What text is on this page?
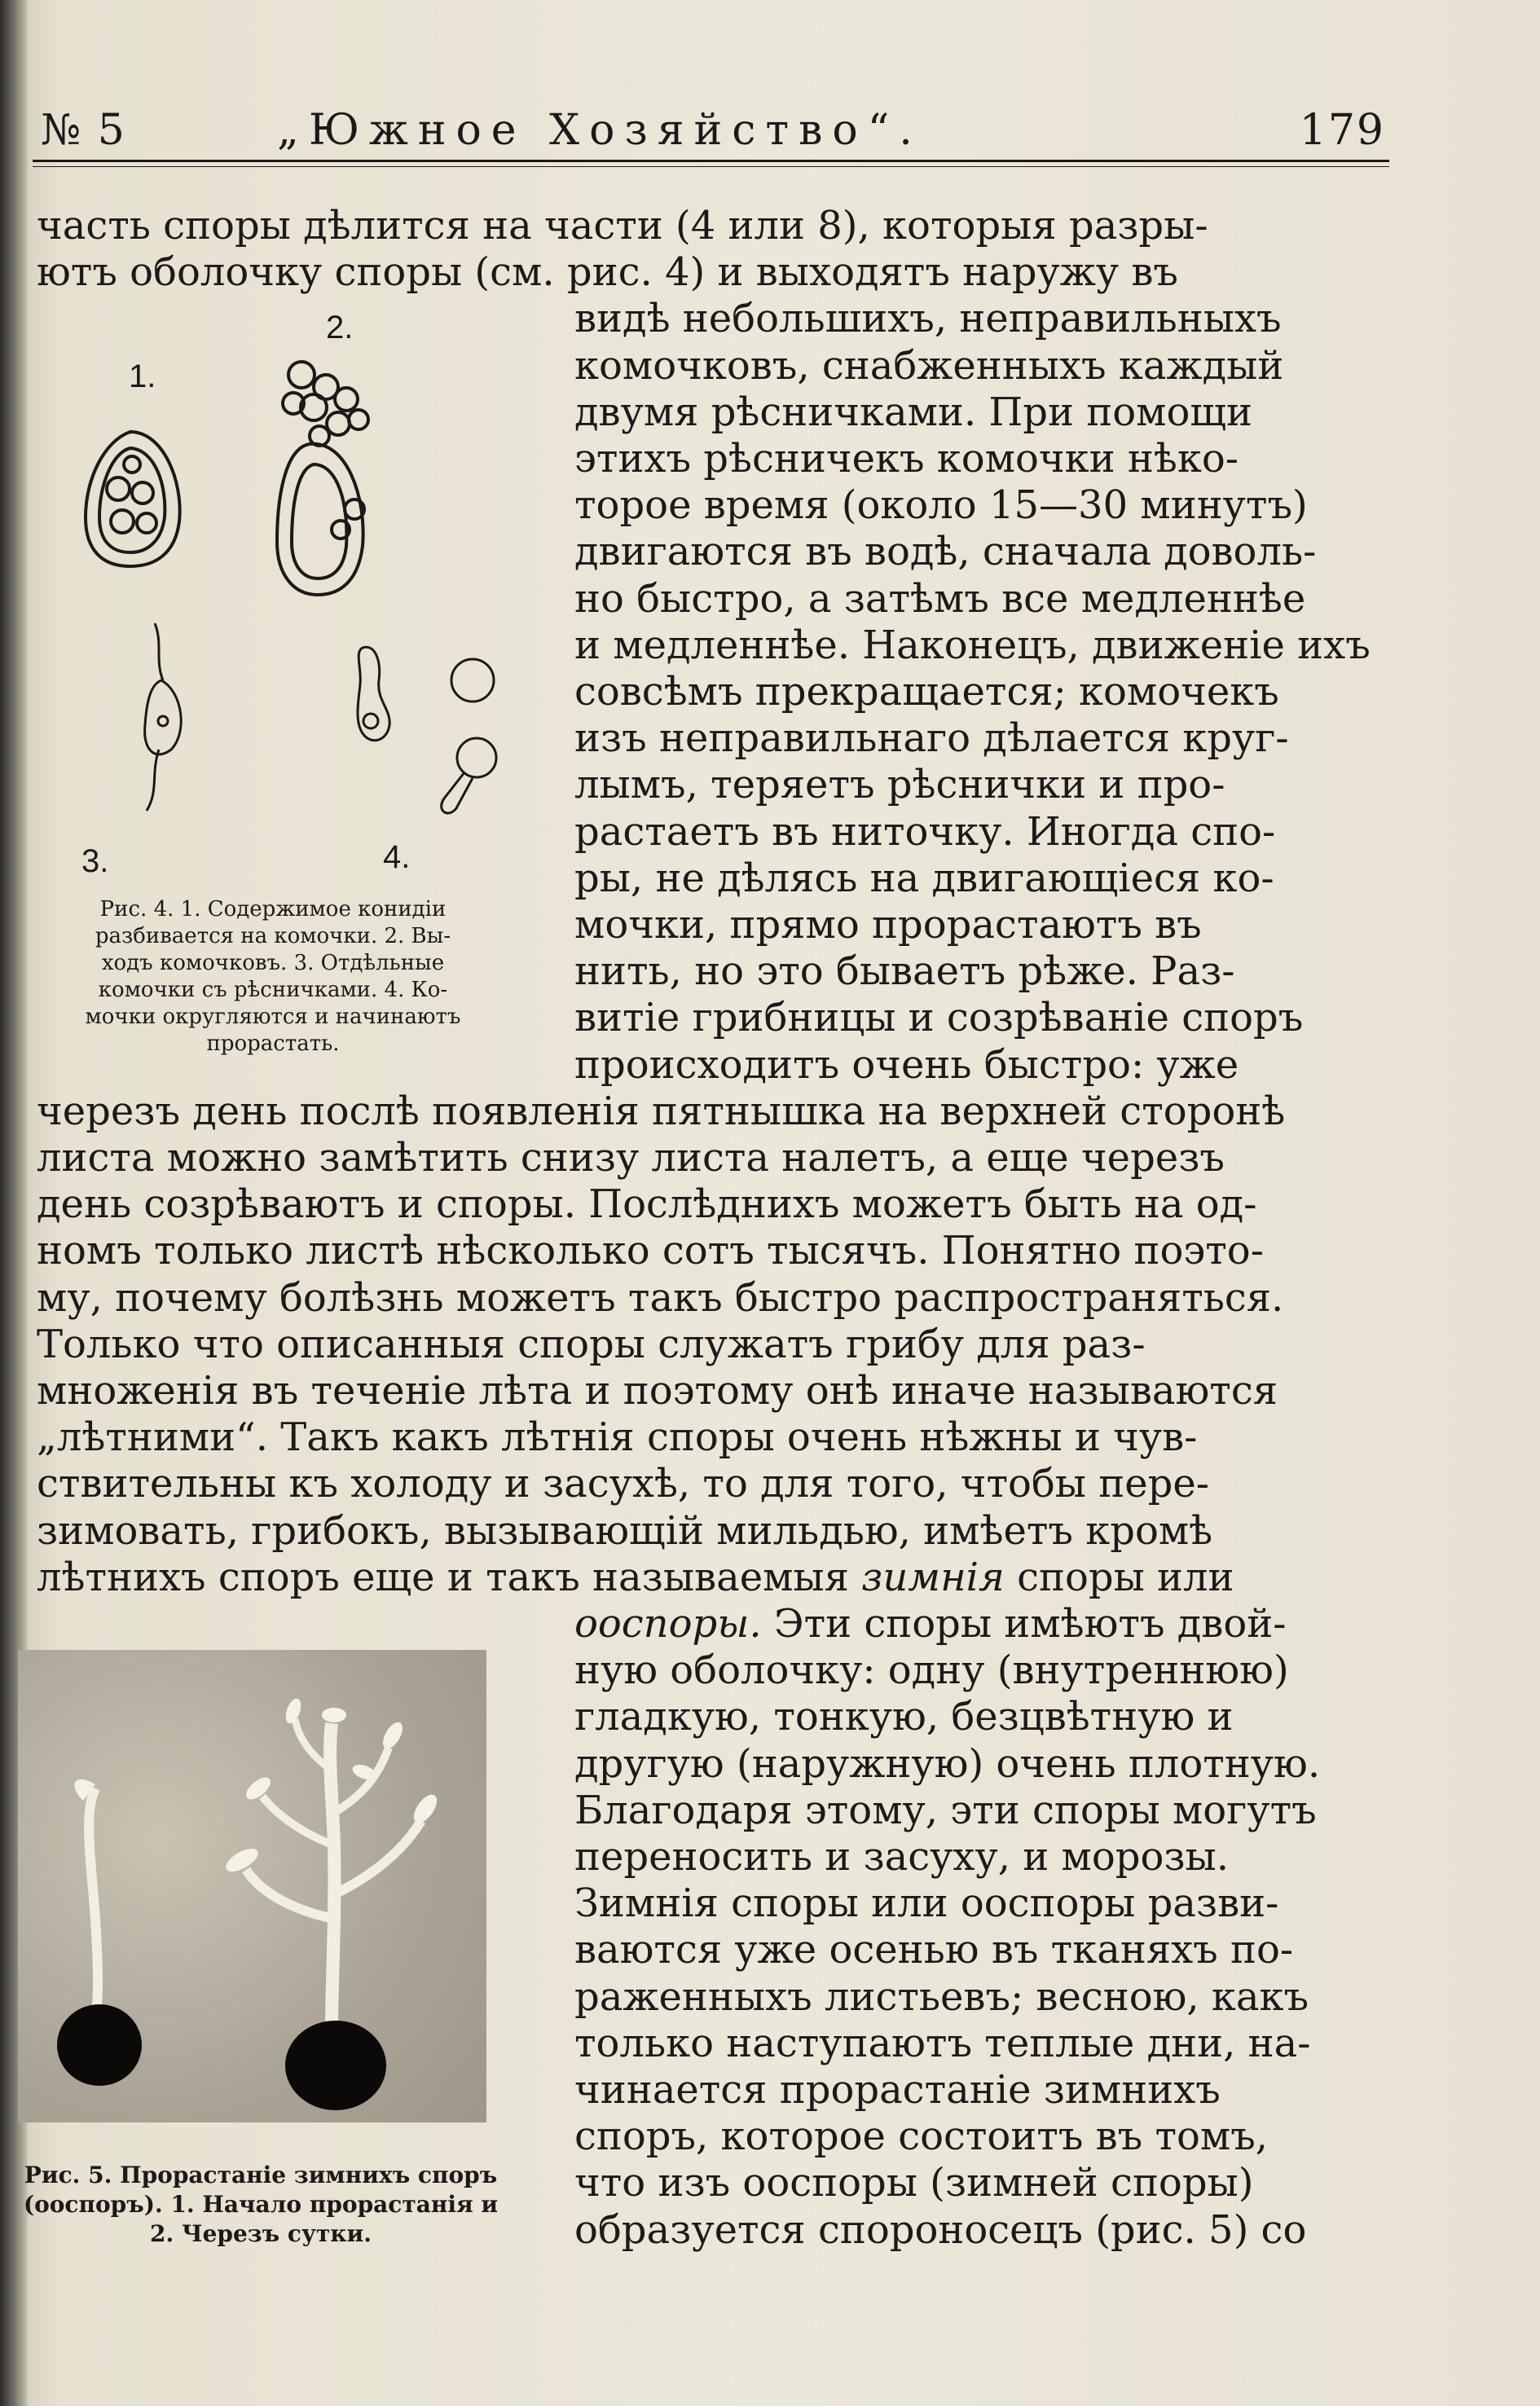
№ 5	„Южное Хозяйство“.	179
часть споры дѣлится на части (4 или 8), которыя разры-
ютъ оболочку споры (см. рис. 4) и выходятъ наружу въ
видѣ небольшихъ, неправильныхъ
комочковъ, снабженныхъ каждый
двумя рѣсничками. При помощи
этихъ рѣсничекъ комочки нѣко-
торое время (около 15—30 минутъ)
двигаются въ водѣ, сначала доволь-
но быстро, а затѣмъ все медленнѣе
и медленнѣе. Наконецъ, движеніе ихъ
совсѣмъ прекращается; комочекъ
изъ неправильнаго дѣлается круг-
лымъ, теряетъ рѣснички и про-
растаетъ въ ниточку. Иногда спо-
ры, не дѣлясь на двигающіеся ко-
мочки, прямо прорастаютъ въ
нить, но это бываетъ рѣже. Раз-
витіе грибницы и созрѣваніе споръ
происходитъ очень быстро: уже
черезъ день послѣ появленія пятнышка на верхней сторонѣ
листа можно замѣтить снизу листа налетъ, а еще черезъ
день созрѣваютъ и споры. Послѣднихъ можетъ быть на од-
номъ только листѣ нѣсколько сотъ тысячъ. Понятно поэто-
му, почему болѣзнь можетъ такъ быстро распространяться.
Только что описанныя споры служатъ грибу для раз-
множенія въ теченіе лѣта и поэтому онѣ иначе называются
„лѣтними“. Такъ какъ лѣтнія споры очень нѣжны и чув-
ствительны къ холоду и засухѣ, то для того, чтобы пере-
зимовать, грибокъ, вызывающій мильдью, имѣетъ кромѣ
лѣтнихъ споръ еще и такъ называемыя зимнія споры или
ооспоры. Эти споры имѣютъ двой-
ную оболочку: одну (внутреннюю)
гладкую, тонкую, безцвѣтную и
другую (наружную) очень плотную.
Благодаря этому, эти споры могутъ
переносить и засуху, и морозы.
Зимнія споры или ооспоры разви-
ваются уже осенью въ тканяхъ по-
раженныхъ листьевъ; весною, какъ
только наступаютъ теплые дни, на-
чинается прорастаніе зимнихъ
споръ, которое состоитъ въ томъ,
что изъ ооспоры (зимней споры)
образуется спороносецъ (рис. 5) со
1.
2.
3.	4.
Рис. 4. 1. Содержимое конидіи
разбивается на комочки. 2. Вы-
ходъ комочковъ. 3. Отдѣльные
комочки съ рѣсничками. 4. Ко-
мочки округляются и начинаютъ
прорастать.
Рис. 5. Прорастаніе зимнихъ споръ
(ооспоръ). 1. Начало прорастанія и
2. Черезъ сутки.
